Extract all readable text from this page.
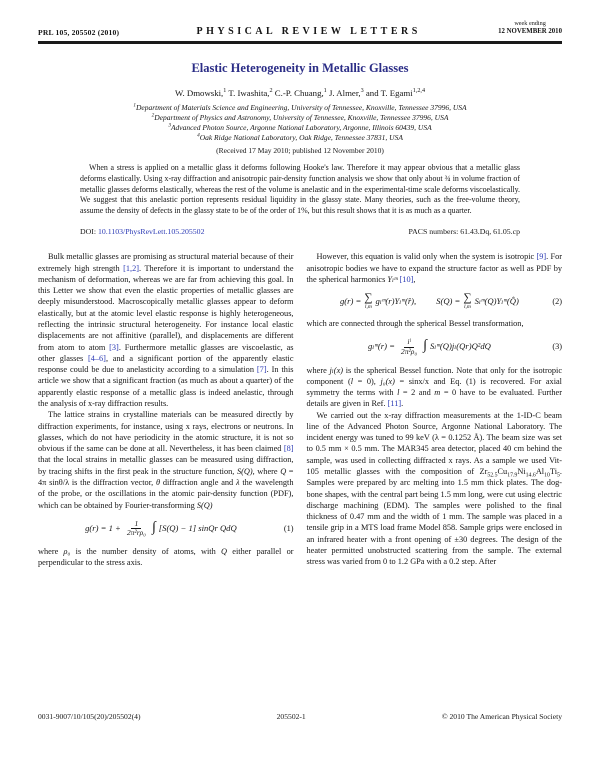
PRL 105, 205502 (2010)	PHYSICAL REVIEW LETTERS
week ending
12 NOVEMBER 2010
Elastic Heterogeneity in Metallic Glasses
W. Dmowski,$^1$ T. Iwashita,$^2$ C.-P. Chuang,$^1$ J. Almer,$^3$ and T. Egami$^{1,2,4}$
$^1$Department of Materials Science and Engineering, University of Tennessee, Knoxville, Tennessee 37996, USA
$^2$Department of Physics and Astronomy, University of Tennessee, Knoxville, Tennessee 37996, USA
$^3$Advanced Photon Source, Argonne National Laboratory, Argonne, Illinois 60439, USA
$^4$Oak Ridge National Laboratory, Oak Ridge, Tennessee 37831, USA
(Received 17 May 2010; published 12 November 2010)
When a stress is applied on a metallic glass it deforms following Hooke's law. Therefore it may appear obvious that a metallic glass deforms elastically. Using x-ray diffraction and anisotropic pair-density function analysis we show that only about ¾ in volume fraction of metallic glasses deforms elastically, whereas the rest of the volume is anelastic and in the experimental-time scale deforms viscoelastically. We suggest that this anelastic portion represents residual liquidity in the glassy state. Many theories, such as the free-volume theory, assume the density of defects in the glassy state to be of the order of 1%, but this result shows that it is as much as a quarter.
DOI: 10.1103/PhysRevLett.105.205502	PACS numbers: 61.43.Dq, 61.05.cp

Bulk metallic glasses are promising as structural material because of their extremely high strength [1,2]. Therefore it is important to understand the mechanism of deformation, whereas we are far from achieving this goal. In this Letter we show that even the elastic properties of metallic glasses are deeply misunderstood. Macroscopically metallic glasses appear to deform elastically, but at the atomic level elastic response is highly heterogeneous, reflecting the intrinsic structural heterogeneity. For instance local elastic displacements are not affinitive (parallel), and displacements are different from atom to atom [3]. Furthermore metallic glasses are viscoelastic, as other glasses [4–6], and a significant portion of the apparently elastic response could be due to anelasticity according to a simulation [7]. In this article we show that a significant fraction (as much as about a quarter) of the apparently elastic response of a metallic glass is indeed anelastic, through the analysis of x-ray diffraction results.

The lattice strains in crystalline materials can be measured directly by diffraction experiments, for instance, using x rays, electrons or neutrons. In glasses, which do not have periodicity in the atomic structure, it is not so obvious if the same can be done at all. Nevertheless, it has been claimed [8] that the local strains in metallic glasses can be measured using diffraction, by tracing shifts in the first peak in the structure function, S(Q), where Q = 4π sinθ/λ is the diffraction vector, θ diffraction angle and λ the wavelength of the probe, or the oscillations in the atomic pair-density function (PDF), which can be obtained by Fourier-transforming S(Q)

$g(r) = 1 + \frac{1}{\text{2π²rρ₀}}$ ∫ [S(Q) − 1] sinQr QdQ	(1)

where ρ₀ is the number density of atoms, with Q either parallel or perpendicular to the stress axis.

However, this equation is valid only when the system is isotropic [9]. For anisotropic bodies we have to expand the structure factor as well as PDF by the spherical harmonics Yₗᵐ [10],

g(r) = ∑
l,m
gₗᵐ(r)Yₗᵐ(r̂), S(Q) = ∑
l,m
Sₗᵐ(Q)Yₗᵐ(Q̂)	(2)

which are connected through the spherical Bessel transformation,

gₗᵐ(r) = $\frac{\text{iˡ}}{\text{2π²ρ₀}}$ ∫ Sₗᵐ(Q)jₗ(Qr)Q²dQ	(3)

where jₗ(x) is the spherical Bessel function. Note that only for the isotropic component (l = 0), j₀(x) = sinx/x and Eq. (1) is recovered. For axial symmetry the terms with l = 2 and m = 0 have to be evaluated. Further details are given in Ref. [11].

We carried out the x-ray diffraction measurements at the 1-ID-C beam line of the Advanced Photon Source, Argonne National Laboratory. The incident energy was tuned to 99 keV (λ = 0.1252 Å). The beam size was set to 0.5 mm × 0.5 mm. The MAR345 area detector, placed 40 cm behind the sample, was used in collecting diffracted x rays. As a sample we used Vit-105 metallic glasses with the composition of $Zr_{52.5}Cu_{17.9}Ni_{14.6}Al_{10}Ti_5$. Samples were prepared by arc melting into 1.5 mm thick plates. The dog-bone shapes, with the central part being 1.5 mm long, were cut using electric discharge machining (EDM). The samples were polished to the final thickness of 0.47 mm and the width of 1 mm. The sample was placed in a tensile grip in a MTS load frame Model 858. Sample grips were enclosed in an infrared heater with a front opening of ±30 degrees. The design of the heater permitted unobstructed scattering from the sample. The external stress was varied from 0 to 1.2 GPa with a 0.2 step. After

0031-9007/10/105(20)/205502(4)	205502-1	© 2010 The American Physical Society
